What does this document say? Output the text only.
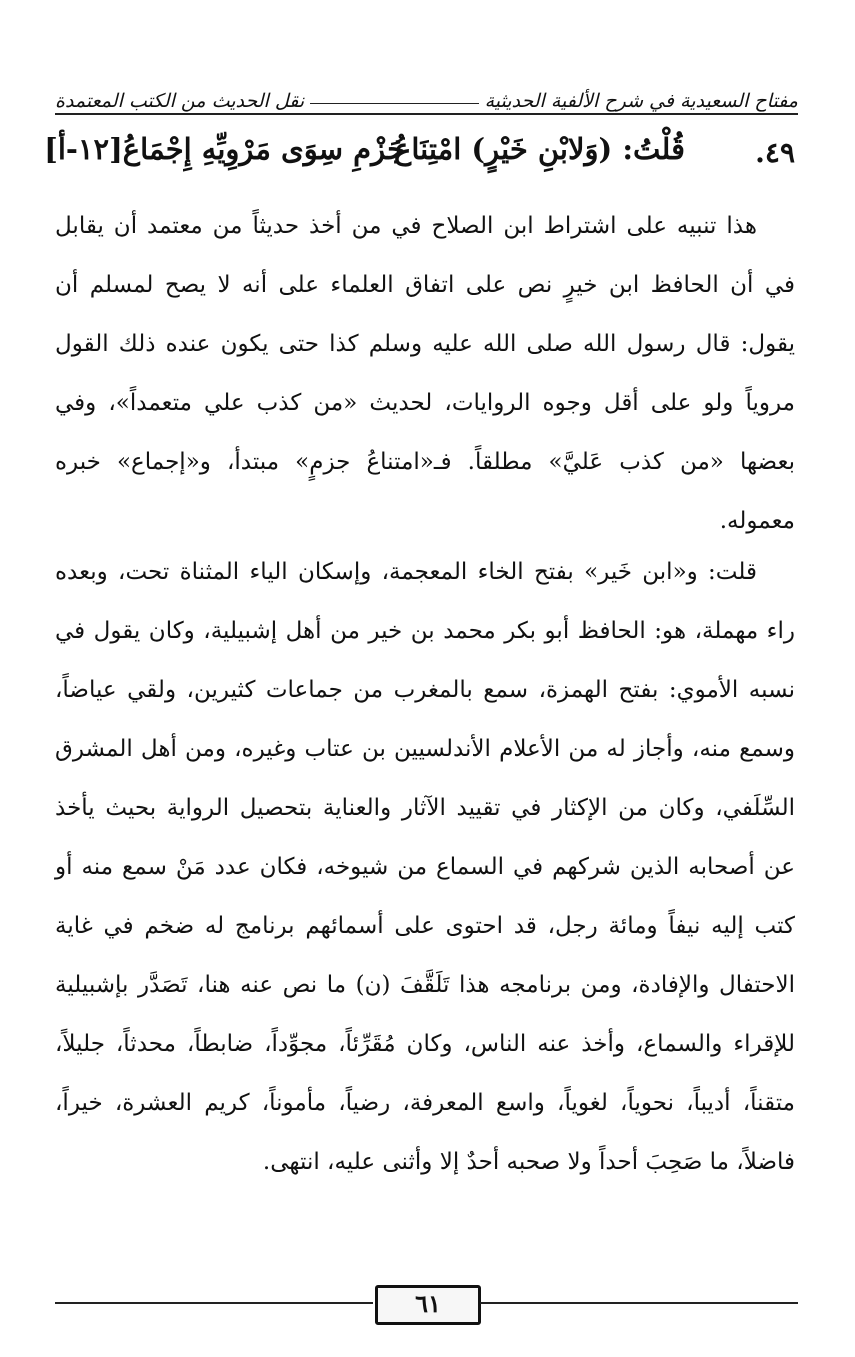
مفتاح السعيدية في شرح الألفية الحديثية
نقل الحديث من الكتب المعتمدة
٤٩.
قُلْتُ: (وَلابْنِ خَيْرٍ) امْتِنَاعُ
جَزْمِ سِوَى مَرْوِيِّهِ إِجْمَاعُ[١٢-أ]

هذا تنبيه على اشتراط ابن الصلاح في من أخذ حديثاً من معتمد أن يقابل في أن الحافظ ابن خيرٍ نص على اتفاق العلماء على أنه لا يصح لمسلم أن يقول: قال رسول الله صلى الله عليه وسلم كذا حتى يكون عنده ذلك القول مروياً ولو على أقل وجوه الروايات، لحديث «من كذب علي متعمداً»، وفي بعضها «من كذب عَليَّ» مطلقاً. فـ«امتناعُ جزمٍ» مبتدأ، و«إجماع» خبره معموله.

قلت: و«ابن خَير» بفتح الخاء المعجمة، وإسكان الياء المثناة تحت، وبعده راء مهملة، هو: الحافظ أبو بكر محمد بن خير من أهل إشبيلية، وكان يقول في نسبه الأموي: بفتح الهمزة، سمع بالمغرب من جماعات كثيرين، ولقي عياضاً، وسمع منه، وأجاز له من الأعلام الأندلسيين بن عتاب وغيره، ومن أهل المشرق السِّلَفي، وكان من الإكثار في تقييد الآثار والعناية بتحصيل الرواية بحيث يأخذ عن أصحابه الذين شركهم في السماع من شيوخه، فكان عدد مَنْ سمع منه أو كتب إليه نيفاً ومائة رجل، قد احتوى على أسمائهم برنامج له ضخم في غاية الاحتفال والإفادة، ومن برنامجه هذا تَلَقَّفَ (ن) ما نص عنه هنا، تَصَدَّر بإشبيلية للإقراء والسماع، وأخذ عنه الناس، وكان مُقَرِّئاً، مجوِّداً، ضابطاً، محدثاً، جليلاً، متقناً، أديباً، نحوياً، لغوياً، واسع المعرفة، رضياً، مأموناً، كريم العشرة، خيراً، فاضلاً، ما صَحِبَ أحداً ولا صحبه أحدٌ إلا وأثنى عليه، انتهى.

٦١
